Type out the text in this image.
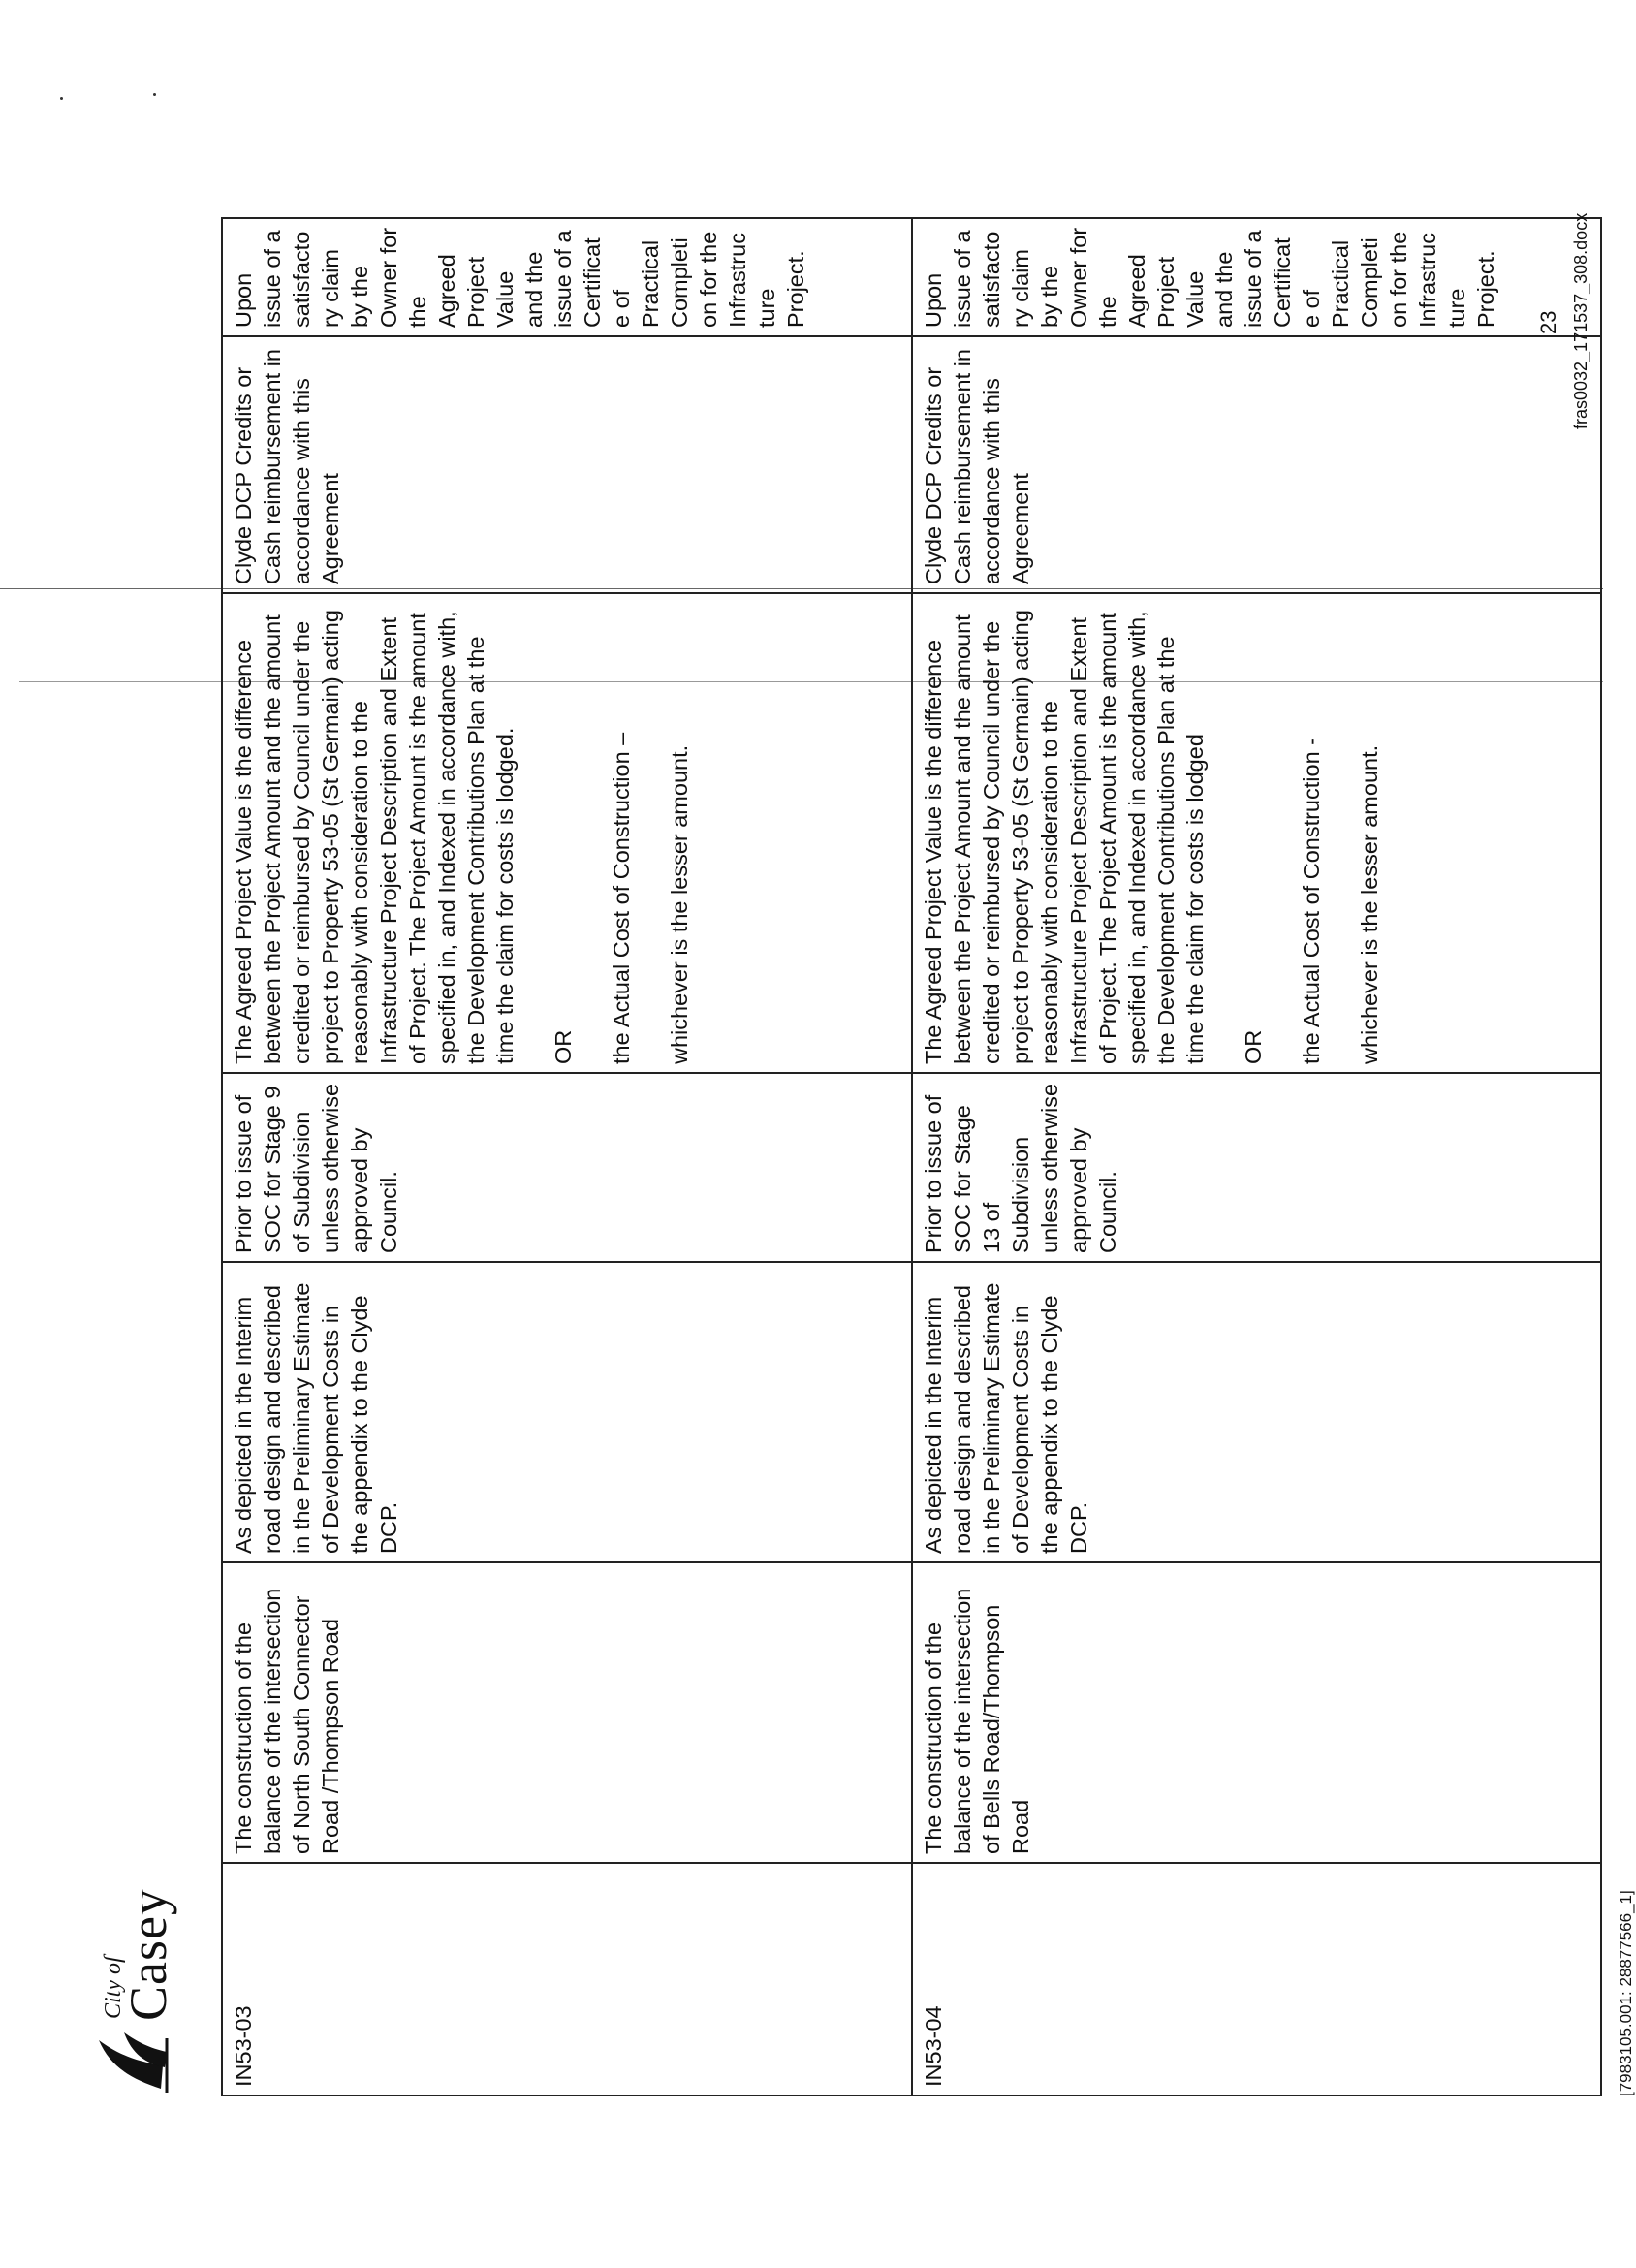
City of
Casey
IN53-03	The construction of the balance of the intersection of North South Connector Road /Thompson Road	As depicted in the Interim road design and described in the Preliminary Estimate of Development Costs in the appendix to the Clyde DCP.	Prior to issue of SOC for Stage 9 of Subdivision unless otherwise approved by Council.	The Agreed Project Value is the difference between the Project Amount and the amount credited or reimbursed by Council under the project to Property 53-05 (St Germain) acting reasonably with consideration to the Infrastructure Project Description and Extent of Project. The Project Amount is the amount specified in, and Indexed in accordance with, the Development Contributions Plan at the time the claim for costs is lodged. OR the Actual Cost of Construction – whichever is the lesser amount.	Clyde DCP Credits or Cash reimbursement in accordance with this Agreement	Upon issue of a satisfactory claim by the Owner for the Agreed Project Value and the issue of a Certificate of Practical Completion for the Infrastructure Project.
IN53-04	The construction of the balance of the intersection of Bells Road/Thompson Road	As depicted in the Interim road design and described in the Preliminary Estimate of Development Costs in the appendix to the Clyde DCP.	Prior to issue of SOC for Stage 13 of Subdivision unless otherwise approved by Council.	The Agreed Project Value is the difference between the Project Amount and the amount credited or reimbursed by Council under the project to Property 53-05 (St Germain) acting reasonably with consideration to the Infrastructure Project Description and Extent of Project. The Project Amount is the amount specified in, and Indexed in accordance with, the Development Contributions Plan at the time the claim for costs is lodged OR the Actual Cost of Construction - whichever is the lesser amount.	Clyde DCP Credits or Cash reimbursement in accordance with this Agreement	Upon issue of a satisfactory claim by the Owner for the Agreed Project Value and the issue of a Certificate of Practical Completion for the Infrastructure Project.
[7983105.001: 28877566_1]
23 fras0032_171537_308.docx
